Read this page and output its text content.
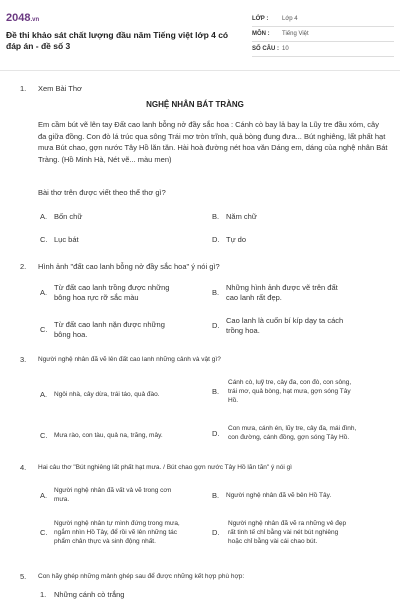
2048.vn
Đề thi khảo sát chất lượng đầu năm Tiếng việt lớp 4 có đáp án - đề số 3
LỚP :	Lớp 4
MÔN :	Tiếng Việt
SỐ CÂU : 10
1. Xem Bài Thơ
NGHỆ NHÂN BÁT TRÀNG
Em cầm bút vẽ lên tay Đất cao lanh bỗng nở đầy sắc hoa : Cánh cò bay lả bay la Lũy tre đầu xóm, cây đa giữa đồng. Con đò lá trúc qua sông Trái mơ tròn trĩnh, quả bòng đung đưa... Bút nghiêng, lất phất hạt mưa Bút chao, gợn nước Tây Hồ lăn tăn. Hài hoà đường nét hoa văn Dáng em, dáng của nghệ nhân Bát Tràng. (Hồ Minh Hà, Nét vẽ... màu men)
Bài thơ trên được viết theo thể thơ gì?
A. Bốn chữ	B. Năm chữ
C. Lục bát	D. Tự do
2. Hình ảnh "đất cao lanh bỗng nở đầy sắc hoa" ý nói gì?
A.
Từ đất cao lanh trồng được những
bông hoa rực rỡ sắc màu
B.
Những hình ảnh được vẽ trên đất
cao lanh rất đẹp.
C.
Từ đất cao lanh nặn được những
bông hoa.
D.
Cao lanh là cuốn bí kíp dạy ta cách
trồng hoa.
3. Người nghệ nhân đã vẽ lên đất cao lanh những cảnh và vật gì?
A. Ngôi nhà, cây dừa, trái táo, quả đào.	B.
Cánh cò, luỹ tre, cây đa, con đò, con sông,
trái mơ, quả bòng, hạt mưa, gợn sóng Tây
Hồ.
C. Mưa rào, con tàu, quả na, trăng, mây.	D.
Con mưa, cánh én, lũy tre, cây đa, mái đình,
con đường, cánh đồng, gợn sóng Tây Hồ.
4. Hai câu thơ "Bút nghiêng lất phất hạt mưa. / Bút chao gợn nước Tây Hồ lăn tăn" ý nói gì
A.
Người nghệ nhân đã vất vả vẽ trong cơn
mưa.	B. Người nghệ nhân đã vẽ bên Hồ Tây.
C.
Người nghệ nhân tự mình đứng trong mưa,
ngắm nhìn Hồ Tây, để rồi vẽ lên những tác
phẩm chân thực và sinh động nhất.
D.
Người nghệ nhân đã vẽ ra những vẻ đẹp
rất tinh tế chỉ bằng vài nét bút nghiêng
hoặc chỉ bằng vài cái chao bút.
5. Con hãy ghép những mảnh ghép sau để được những kết hợp phù hợp:
1. Những cánh cò trắng
